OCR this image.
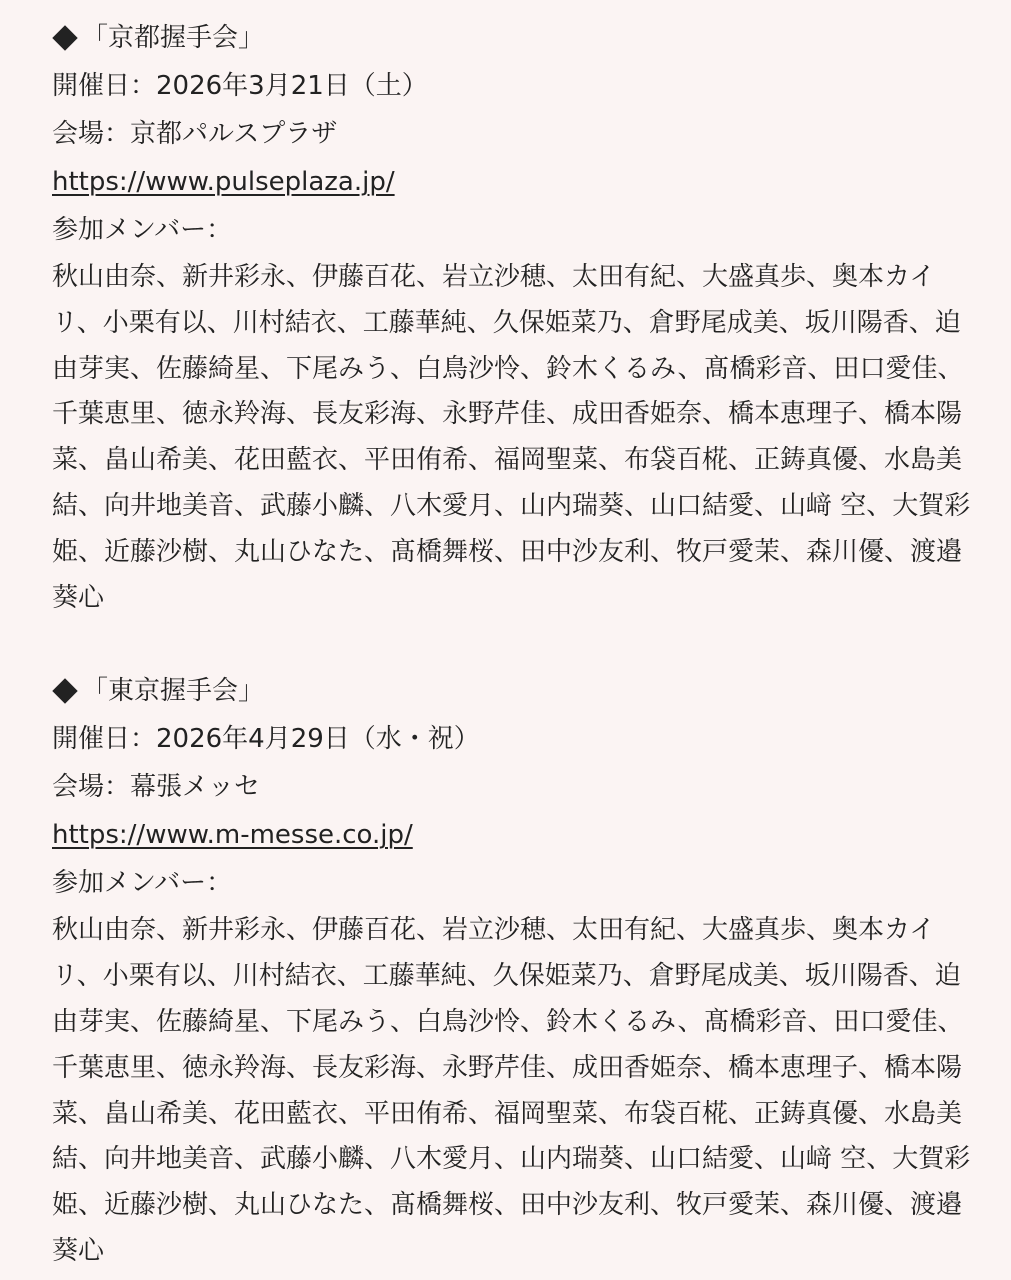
「京都握手会」
開催日：2026年3月21日（土）
会場：京都パルスプラザ
https://www.pulseplaza.jp/
参加メンバー：
秋山由奈、新井彩永、伊藤百花、岩立沙穂、太田有紀、大盛真歩、奥本カイリ、小栗有以、川村結衣、工藤華純、久保姫菜乃、倉野尾成美、坂川陽香、迫由芽実、佐藤綺星、下尾みう、白鳥沙怜、鈴木くるみ、髙橋彩音、田口愛佳、千葉恵里、徳永羚海、長友彩海、永野芹佳、成田香姫奈、橋本恵理子、橋本陽菜、畠山希美、花田藍衣、平田侑希、福岡聖菜、布袋百椛、正鋳真優、水島美結、向井地美音、武藤小麟、八木愛月、山内瑞葵、山口結愛、山﨑 空、大賀彩姫、近藤沙樹、丸山ひなた、髙橋舞桜、田中沙友利、牧戸愛茉、森川優、渡邉葵心
「東京握手会」
開催日：2026年4月29日（水・祝）
会場：幕張メッセ
https://www.m-messe.co.jp/
参加メンバー：
秋山由奈、新井彩永、伊藤百花、岩立沙穂、太田有紀、大盛真歩、奥本カイリ、小栗有以、川村結衣、工藤華純、久保姫菜乃、倉野尾成美、坂川陽香、迫由芽実、佐藤綺星、下尾みう、白鳥沙怜、鈴木くるみ、髙橋彩音、田口愛佳、千葉恵里、徳永羚海、長友彩海、永野芹佳、成田香姫奈、橋本恵理子、橋本陽菜、畠山希美、花田藍衣、平田侑希、福岡聖菜、布袋百椛、正鋳真優、水島美結、向井地美音、武藤小麟、八木愛月、山内瑞葵、山口結愛、山﨑 空、大賀彩姫、近藤沙樹、丸山ひなた、髙橋舞桜、田中沙友利、牧戸愛茉、森川優、渡邉葵心
